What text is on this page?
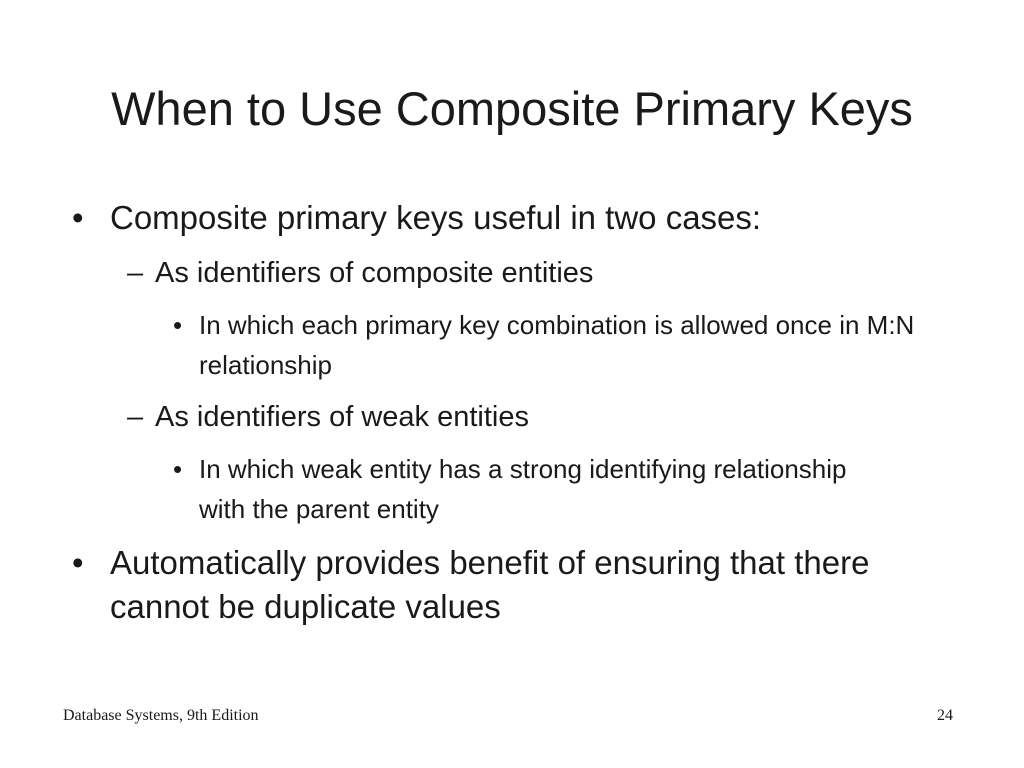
When to Use Composite Primary Keys
• Composite primary keys useful in two cases:
– As identifiers of composite entities
• In which each primary key combination is allowed once in M:N relationship
– As identifiers of weak entities
• In which weak entity has a strong identifying relationship with the parent entity
• Automatically provides benefit of ensuring that there cannot be duplicate values
Database Systems, 9th Edition	24
